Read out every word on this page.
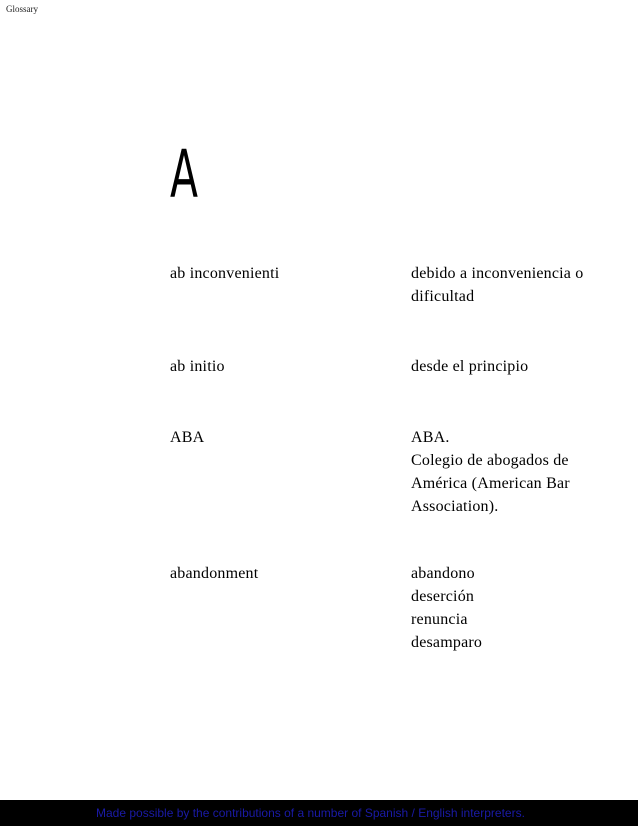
Glossary
A
ab inconvenienti	debido a inconveniencia o
dificultad
ab initio	desde el principio
ABA	ABA.
Colegio de abogados de
América (American Bar
Association).
abandonment	abandono
deserción
renuncia
desamparo
Made possible by the contributions of a number of Spanish / English interpreters.
